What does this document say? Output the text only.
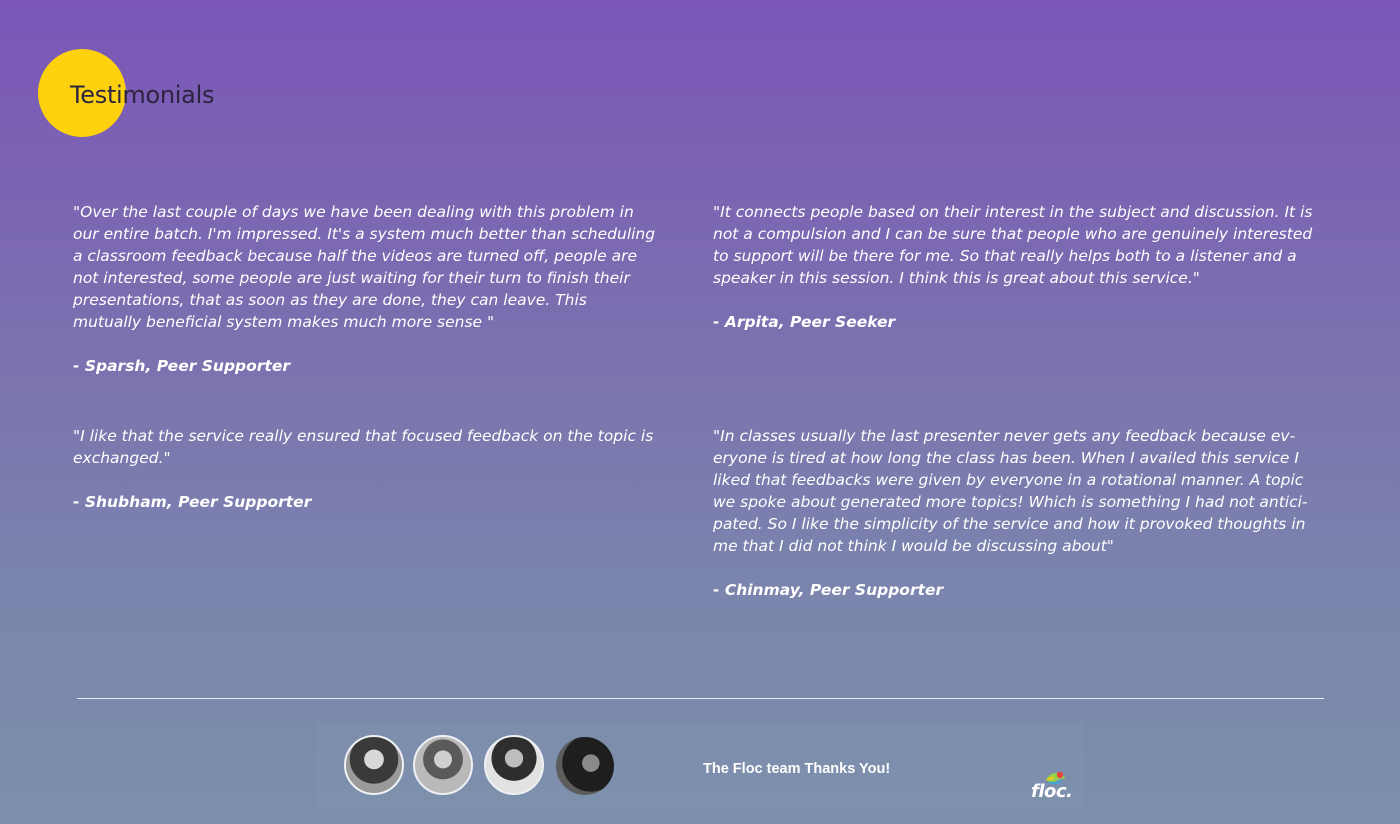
Testimonials

"Over the last couple of days we have been dealing with this problem in
our entire batch. I'm impressed. It's a system much better than scheduling
a classroom feedback because half the videos are turned off, people are
not interested, some people are just waiting for their turn to finish their
presentations, that as soon as they are done, they can leave. This
mutually beneficial system makes much more sense "

- Sparsh, Peer Supporter

"It connects people based on their interest in the subject and discussion. It is
not a compulsion and I can be sure that people who are genuinely interested
to support will be there for me. So that really helps both to a listener and a
speaker in this session. I think this is great about this service."

- Arpita, Peer Seeker

"I like that the service really ensured that focused feedback on the topic is
exchanged."

- Shubham, Peer Supporter

"In classes usually the last presenter never gets any feedback because ev-
eryone is tired at how long the class has been. When I availed this service I
liked that feedbacks were given by everyone in a rotational manner. A topic
we spoke about generated more topics! Which is something I had not antici-
pated. So I like the simplicity of the service and how it provoked thoughts in
me that I did not think I would be discussing about"

- Chinmay, Peer Supporter

The Floc team Thanks You!
floc.
